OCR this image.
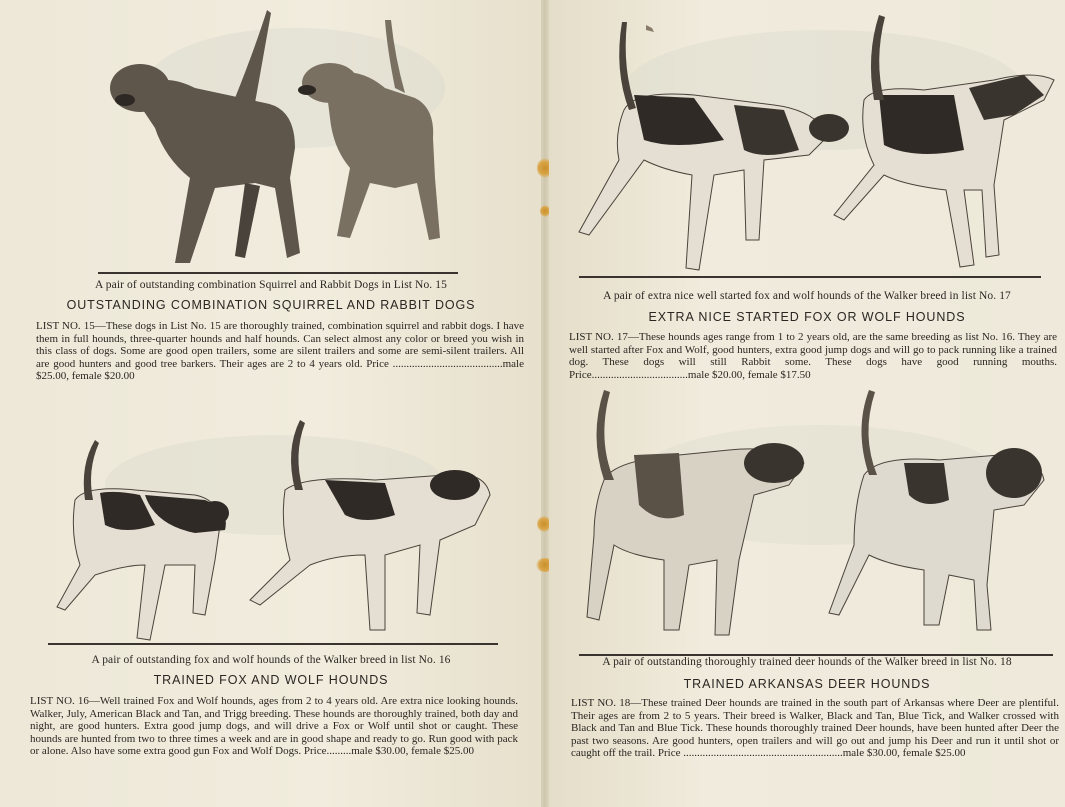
A pair of outstanding combination Squirrel and Rabbit Dogs in List No. 15
OUTSTANDING COMBINATION SQUIRREL AND RABBIT DOGS
LIST NO. 15—These dogs in List No. 15 are thoroughly trained, combination squirrel and rabbit dogs. I have them in full hounds, three-quarter hounds and half hounds. Can select almost any color or breed you wish in this class of dogs. Some are good open trailers, some are silent trailers and some are semi-silent trailers. All are good hunters and good tree barkers. Their ages are 2 to 4 years old. Price ........................................male $25.00, female $20.00
A pair of outstanding fox and wolf hounds of the Walker breed in list No. 16
TRAINED FOX AND WOLF HOUNDS
LIST NO. 16—Well trained Fox and Wolf hounds, ages from 2 to 4 years old. Are extra nice looking hounds. Walker, July, American Black and Tan, and Trigg breeding. These hounds are thoroughly trained, both day and night, are good hunters. Extra good jump dogs, and will drive a Fox or Wolf until shot or caught. These hounds are hunted from two to three times a week and are in good shape and ready to go. Run good with pack or alone. Also have some extra good gun Fox and Wolf Dogs. Price.........male $30.00, female $25.00
A pair of extra nice well started fox and wolf hounds of the Walker breed in list No. 17
EXTRA NICE STARTED FOX OR WOLF HOUNDS
LIST NO. 17—These hounds ages range from 1 to 2 years old, are the same breeding as list No. 16. They are well started after Fox and Wolf, good hunters, extra good jump dogs and will go to pack running like a trained dog. These dogs will still Rabbit some. These dogs have good running mouths. Price...................................male $20.00, female $17.50
A pair of outstanding thoroughly trained deer hounds of the Walker breed in list No. 18
TRAINED ARKANSAS DEER HOUNDS
LIST NO. 18—These trained Deer hounds are trained in the south part of Arkansas where Deer are plentiful. Their ages are from 2 to 5 years. Their breed is Walker, Black and Tan, Blue Tick, and Walker crossed with Black and Tan and Blue Tick. These hounds thoroughly trained Deer hounds, have been hunted after Deer the past two seasons. Are good hunters, open trailers and will go out and jump his Deer and run it until shot or caught off the trail. Price ..........................................................male $30.00, female $25.00
